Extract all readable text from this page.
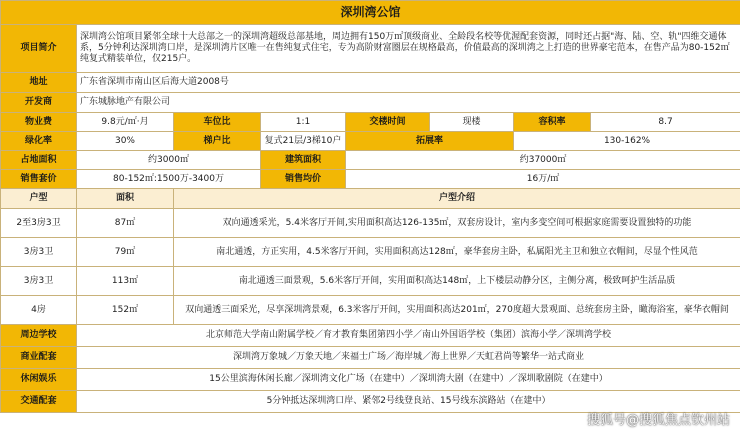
深圳湾公馆						
项目简介	深圳湾公馆项目紧邻全球十大总部之一的深圳湾超级总部基地，周边拥有150万㎡顶级商业、全龄段名校等优渥配套资源，同时还占据"海、陆、空、轨"四维交通体系，5分钟利达深圳湾口岸，是深圳湾片区唯一在售纯复式住宅，专为高阶财富圈层在规格最高，价值最高的深圳湾之上打造的世界豪宅范本，在售产品为80-152㎡纯复式精装单位，仅215户。					
地址	广东省深圳市南山区后海大道2008号					
开发商	广东城脉地产有限公司					
物业费	9.8元/㎡·月	车位比	1:1	交楼时间 现楼	容积率	8.7
绿化率	30%	梯户比	复式21层/3梯10户	拓展率	130-162%	
占地面积	约3000㎡		建筑面积	约37000㎡		
销售套价	80-152㎡:1500万-3400万		销售均价	16万/㎡		
户型	面积	户型介绍				
2至3房3卫	87㎡	双向通透采光，5.4米客厅开间,实用面积高达126-135㎡，双套房设计，室内多变空间可根据家庭需要设置独特的功能				
3房3卫	79㎡	南北通透，方正实用，4.5米客厅开间，实用面积高达128㎡，豪华套房主卧，私属阳光主卫和独立衣帽间，尽显个性风范				
3房3卫	113㎡	南北通透三面景观，5.6米客厅开间，实用面积高达148㎡，上下楼层动静分区，主侧分离，极致呵护生活品质				
4房	152㎡	双向通透三面采光，尽享深圳湾景观，6.3米客厅开间，实用面积高达201㎡，270度超大景观面、总统套房主卧，瞰海浴室，豪华衣帽间				
周边学校	北京师范大学南山附属学校／育才教育集团第四小学／南山外国语学校（集团）滨海小学／深圳湾学校					
商业配套	深圳湾万象城／万象天地／来福士广场／海岸城／海上世界／天虹君尚等繁华一站式商业					
休闲娱乐	15公里滨海休闲长廊／深圳湾文化广场（在建中）／深圳湾大剧（在建中）／深圳歌剧院（在建中）					
交通配套	5分钟抵达深圳湾口岸、紧邻2号线登良站、15号线东滨路站（在建中）					
搜狐号@搜狐焦点钦州站
